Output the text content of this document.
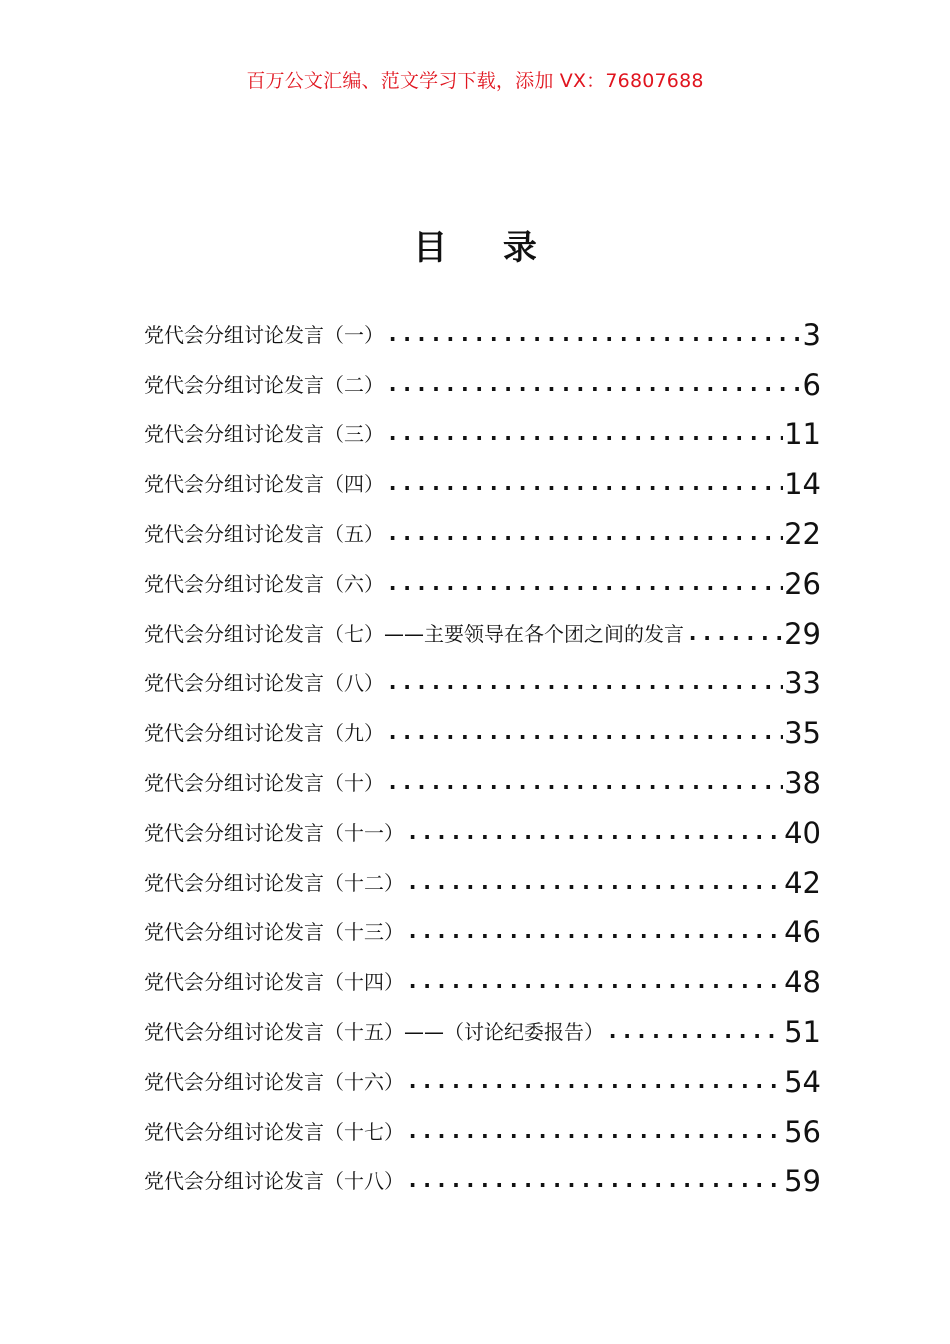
百万公文汇编、范文学习下载，添加 VX：76807688
目 录
党代会分组讨论发言（一） .....	3
党代会分组讨论发言（二） .....	6
党代会分组讨论发言（三） .....	11
党代会分组讨论发言（四） .....	14
党代会分组讨论发言（五） .....	22
党代会分组讨论发言（六） .....	26
党代会分组讨论发言（七）——主要领导在各个团之间的发言 .....	29
党代会分组讨论发言（八） .....	33
党代会分组讨论发言（九） .....	35
党代会分组讨论发言（十） .....	38
党代会分组讨论发言（十一） .....	40
党代会分组讨论发言（十二） .....	42
党代会分组讨论发言（十三） .....	46
党代会分组讨论发言（十四） .....	48
党代会分组讨论发言（十五）——（讨论纪委报告） .....	51
党代会分组讨论发言（十六） .....	54
党代会分组讨论发言（十七） .....	56
党代会分组讨论发言（十八） .....	59
